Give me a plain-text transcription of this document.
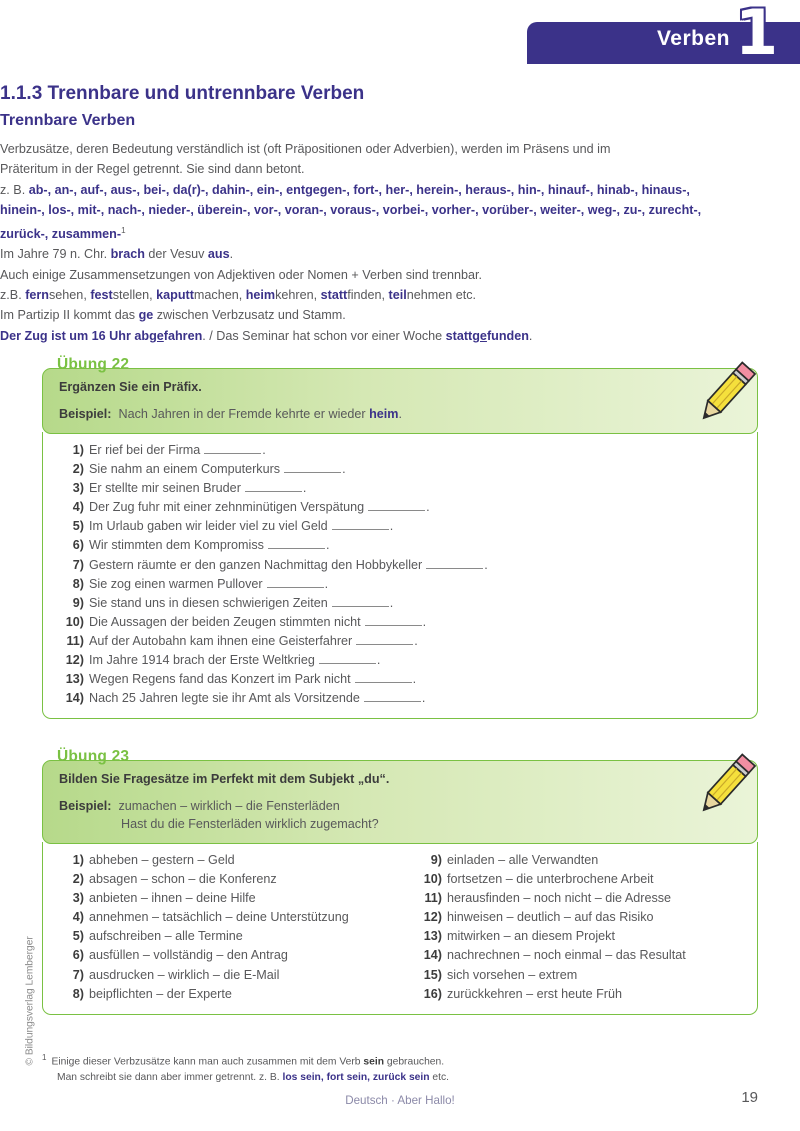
Verben 1
1.1.3 Trennbare und untrennbare Verben
Trennbare Verben

Verbzusätze, deren Bedeutung verständlich ist (oft Präpositionen oder Adverbien), werden im Präsens und im

Präteritum in der Regel getrennt. Sie sind dann betont.

z. B. ab-, an-, auf-, aus-, bei-, da(r)-, dahin-, ein-, entgegen-, fort-, her-, herein-, heraus-, hin-, hinauf-, hinab-, hinaus-,

hinein-, los-, mit-, nach-, nieder-, überein-, vor-, voran-, voraus-, vorbei-, vorher-, vorüber-, weiter-, weg-, zu-, zurecht-,

zurück-, zusammen-$^1$

Im Jahre 79 n. Chr. brach der Vesuv aus.

Auch einige Zusammensetzungen von Adjektiven oder Nomen + Verben sind trennbar.

z.B. fernsehen, feststellen, kaputtmachen, heimkehren, stattfinden, teilnehmen etc.

Im Partizip II kommt das ge zwischen Verbzusatz und Stamm.

Der Zug ist um 16 Uhr abgefahren. / Das Seminar hat schon vor einer Woche stattgefunden.

Übung 22
Ergänzen Sie ein Präfix.
Beispiel: Nach Jahren in der Fremde kehrte er wieder heim.
1) Er rief bei der Firma	.
2) Sie nahm an einem Computerkurs	.
3) Er stellte mir seinen Bruder	.
4) Der Zug fuhr mit einer zehnminütigen Verspätung	.
5) Im Urlaub gaben wir leider viel zu viel Geld	.
6) Wir stimmten dem Kompromiss	.
7) Gestern räumte er den ganzen Nachmittag den Hobbykeller	.
8) Sie zog einen warmen Pullover	.
9) Sie stand uns in diesen schwierigen Zeiten	.
10) Die Aussagen der beiden Zeugen stimmten nicht	.
11) Auf der Autobahn kam ihnen eine Geisterfahrer	.
12) Im Jahre 1914 brach der Erste Weltkrieg	.
13) Wegen Regens fand das Konzert im Park nicht	.
14) Nach 25 Jahren legte sie ihr Amt als Vorsitzende	.
Übung 23
Bilden Sie Fragesätze im Perfekt mit dem Subjekt „du“.
Beispiel: zumachen – wirklich – die Fensterläden
Hast du die Fensterläden wirklich zugemacht?
1) abheben – gestern – Geld
2) absagen – schon – die Konferenz
3) anbieten – ihnen – deine Hilfe
4) annehmen – tatsächlich – deine Unterstützung
5) aufschreiben – alle Termine
6) ausfüllen – vollständig – den Antrag
7) ausdrucken – wirklich – die E-Mail
8) beipflichten – der Experte
9) einladen – alle Verwandten
10) fortsetzen – die unterbrochene Arbeit
11) herausfinden – noch nicht – die Adresse
12) hinweisen – deutlich – auf das Risiko
13) mitwirken – an diesem Projekt
14) nachrechnen – noch einmal – das Resultat
15) sich vorsehen – extrem
16) zurückkehren – erst heute Früh
$^1$ Einige dieser Verbzusätze kann man auch zusammen mit dem Verb sein gebrauchen.
Man schreibt sie dann aber immer getrennt. z. B. los sein, fort sein, zurück sein etc.
Deutsch · Aber Hallo!	19
© Bildungsverlag Lemberger
